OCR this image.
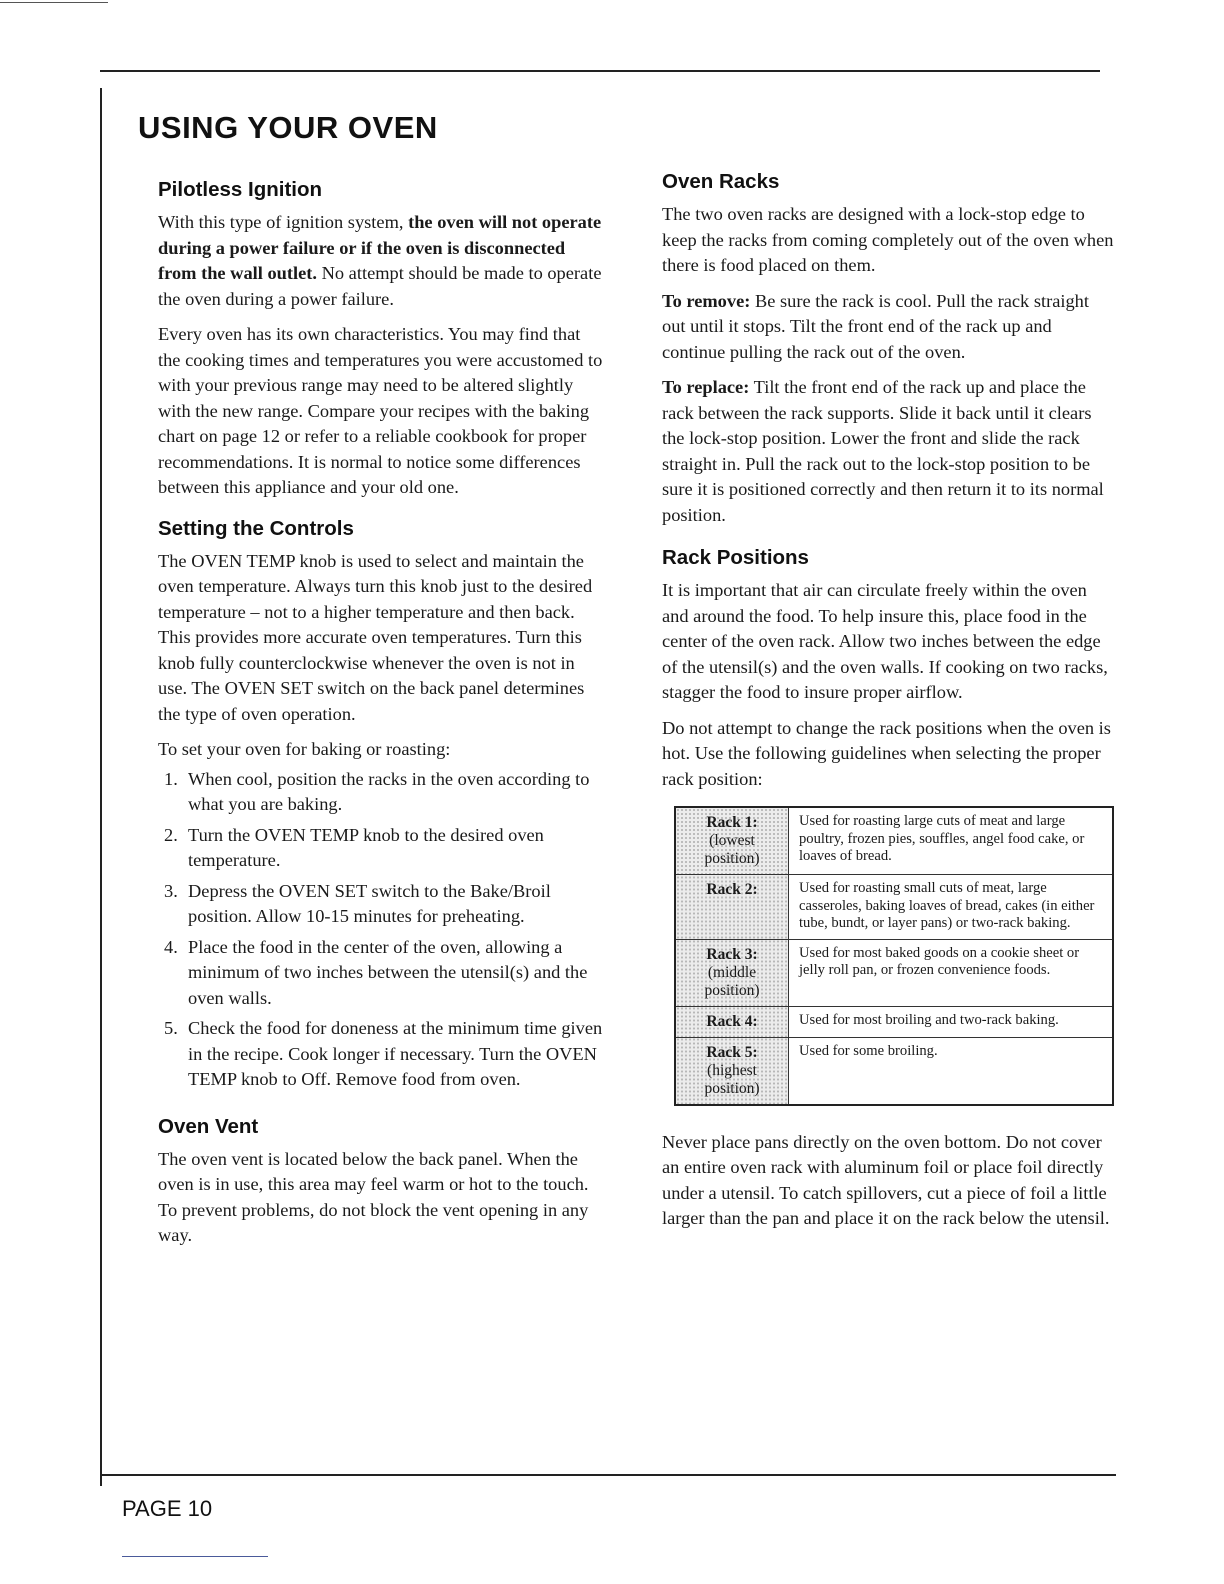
USING YOUR OVEN
Pilotless Ignition

With this type of ignition system, the oven will not operate during a power failure or if the oven is disconnected from the wall outlet. No attempt should be made to operate the oven during a power failure.

Every oven has its own characteristics. You may find that the cooking times and temperatures you were accustomed to with your previous range may need to be altered slightly with the new range. Compare your recipes with the baking chart on page 12 or refer to a reliable cookbook for proper recommendations. It is normal to notice some differences between this appliance and your old one.

Setting the Controls

The OVEN TEMP knob is used to select and maintain the oven temperature. Always turn this knob just to the desired temperature – not to a higher temperature and then back. This provides more accurate oven temperatures. Turn this knob fully counterclockwise whenever the oven is not in use. The OVEN SET switch on the back panel determines the type of oven operation.

To set your oven for baking or roasting:

1. When cool, position the racks in the oven according to what you are baking.
2. Turn the OVEN TEMP knob to the desired oven temperature.
3. Depress the OVEN SET switch to the Bake/Broil position. Allow 10-15 minutes for preheating.
4. Place the food in the center of the oven, allowing a minimum of two inches between the utensil(s) and the oven walls.
5. Check the food for doneness at the minimum time given in the recipe. Cook longer if necessary. Turn the OVEN TEMP knob to Off. Remove food from oven.
Oven Vent

The oven vent is located below the back panel. When the oven is in use, this area may feel warm or hot to the touch. To prevent problems, do not block the vent opening in any way.

Oven Racks

The two oven racks are designed with a lock-stop edge to keep the racks from coming completely out of the oven when there is food placed on them.

To remove: Be sure the rack is cool. Pull the rack straight out until it stops. Tilt the front end of the rack up and continue pulling the rack out of the oven.

To replace: Tilt the front end of the rack up and place the rack between the rack supports. Slide it back until it clears the lock-stop position. Lower the front and slide the rack straight in. Pull the rack out to the lock-stop position to be sure it is positioned correctly and then return it to its normal position.

Rack Positions

It is important that air can circulate freely within the oven and around the food. To help insure this, place food in the center of the oven rack. Allow two inches between the edge of the utensil(s) and the oven walls. If cooking on two racks, stagger the food to insure proper airflow.

Do not attempt to change the rack positions when the oven is hot. Use the following guidelines when selecting the proper rack position:

Rack 1:
(lowest position)	Used for roasting large cuts of meat and large poultry, frozen pies, souffles, angel food cake, or loaves of bread.

Rack 2:	Used for roasting small cuts of meat, large casseroles, baking loaves of bread, cakes (in either tube, bundt, or layer pans) or two-rack baking.

Rack 3:
(middle position)	Used for most baked goods on a cookie sheet or jelly roll pan, or frozen convenience foods.

Rack 4:	Used for most broiling and two-rack baking.

Rack 5:
(highest position)	Used for some broiling.

Never place pans directly on the oven bottom. Do not cover an entire oven rack with aluminum foil or place foil directly under a utensil. To catch spillovers, cut a piece of foil a little larger than the pan and place it on the rack below the utensil.

PAGE 10
